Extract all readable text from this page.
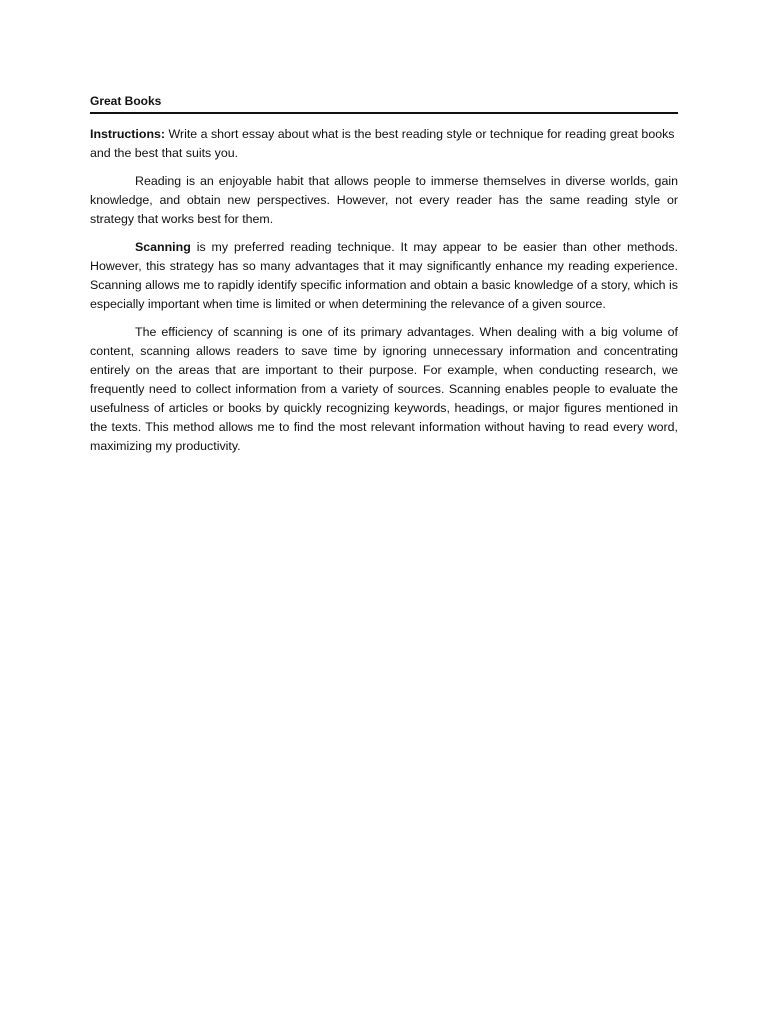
Great Books

Instructions: Write a short essay about what is the best reading style or technique for reading great books and the best that suits you.

Reading is an enjoyable habit that allows people to immerse themselves in diverse worlds, gain knowledge, and obtain new perspectives. However, not every reader has the same reading style or strategy that works best for them.

Scanning is my preferred reading technique. It may appear to be easier than other methods. However, this strategy has so many advantages that it may significantly enhance my reading experience. Scanning allows me to rapidly identify specific information and obtain a basic knowledge of a story, which is especially important when time is limited or when determining the relevance of a given source.

The efficiency of scanning is one of its primary advantages. When dealing with a big volume of content, scanning allows readers to save time by ignoring unnecessary information and concentrating entirely on the areas that are important to their purpose. For example, when conducting research, we frequently need to collect information from a variety of sources. Scanning enables people to evaluate the usefulness of articles or books by quickly recognizing keywords, headings, or major figures mentioned in the texts. This method allows me to find the most relevant information without having to read every word, maximizing my productivity.
